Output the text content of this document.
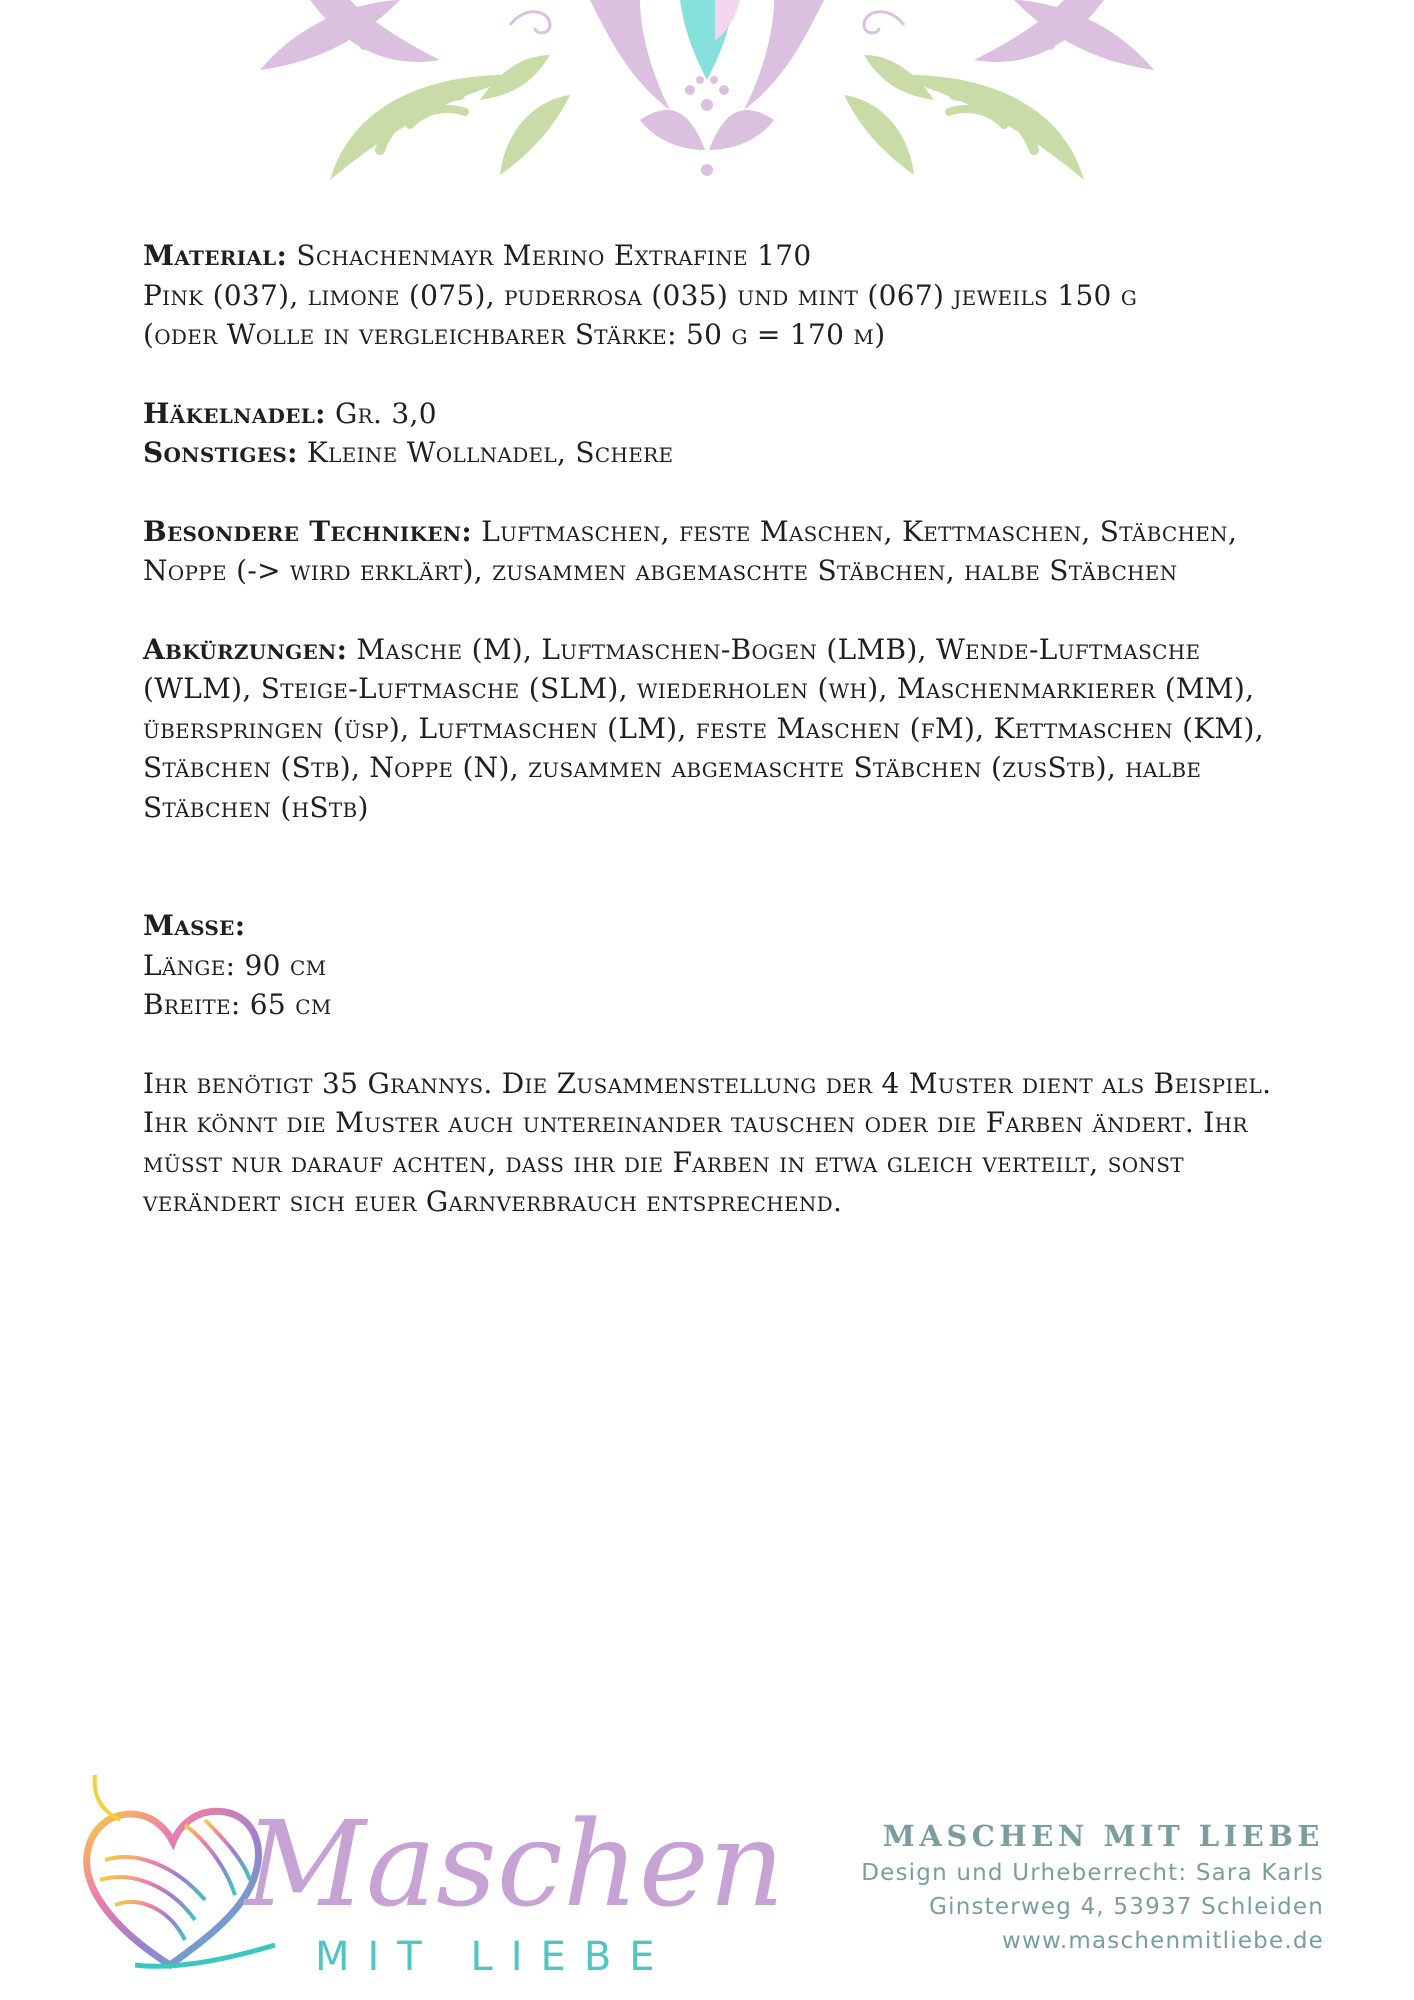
Material: Schachenmayr Merino Extrafine 170
Pink (037), limone (075), puderrosa (035) und mint (067) jeweils 150 g
(oder Wolle in vergleichbarer Stärke: 50 g = 170 m)

Häkelnadel: Gr. 3,0
Sonstiges: Kleine Wollnadel, Schere

Besondere Techniken: Luftmaschen, feste Maschen, Kettmaschen, Stäbchen, Noppe (-> wird erklärt), zusammen abgemaschte Stäbchen, halbe Stäbchen

Abkürzungen: Masche (M), Luftmaschen-Bogen (LMB), Wende-Luftmasche (WLM), Steige-Luftmasche (SLM), wiederholen (wh), Maschenmarkierer (MM), überspringen (üsp), Luftmaschen (LM), feste Maschen (fM), Kettmaschen (KM), Stäbchen (Stb), Noppe (N), zusammen abgemaschte Stäbchen (zusStb), halbe Stäbchen (hStb)

Masse:
Länge: 90 cm
Breite: 65 cm

Ihr benötigt 35 Grannys. Die Zusammenstellung der 4 Muster dient als Beispiel. Ihr könnt die Muster auch untereinander tauschen oder die Farben ändert. Ihr müsst nur darauf achten, dass ihr die Farben in etwa gleich verteilt, sonst verändert sich euer Garnverbrauch entsprechend.

Maschen
MIT LIEBE
MASCHEN MIT LIEBE
Design und Urheberrecht: Sara Karls
Ginsterweg 4, 53937 Schleiden
www.maschenmitliebe.de
